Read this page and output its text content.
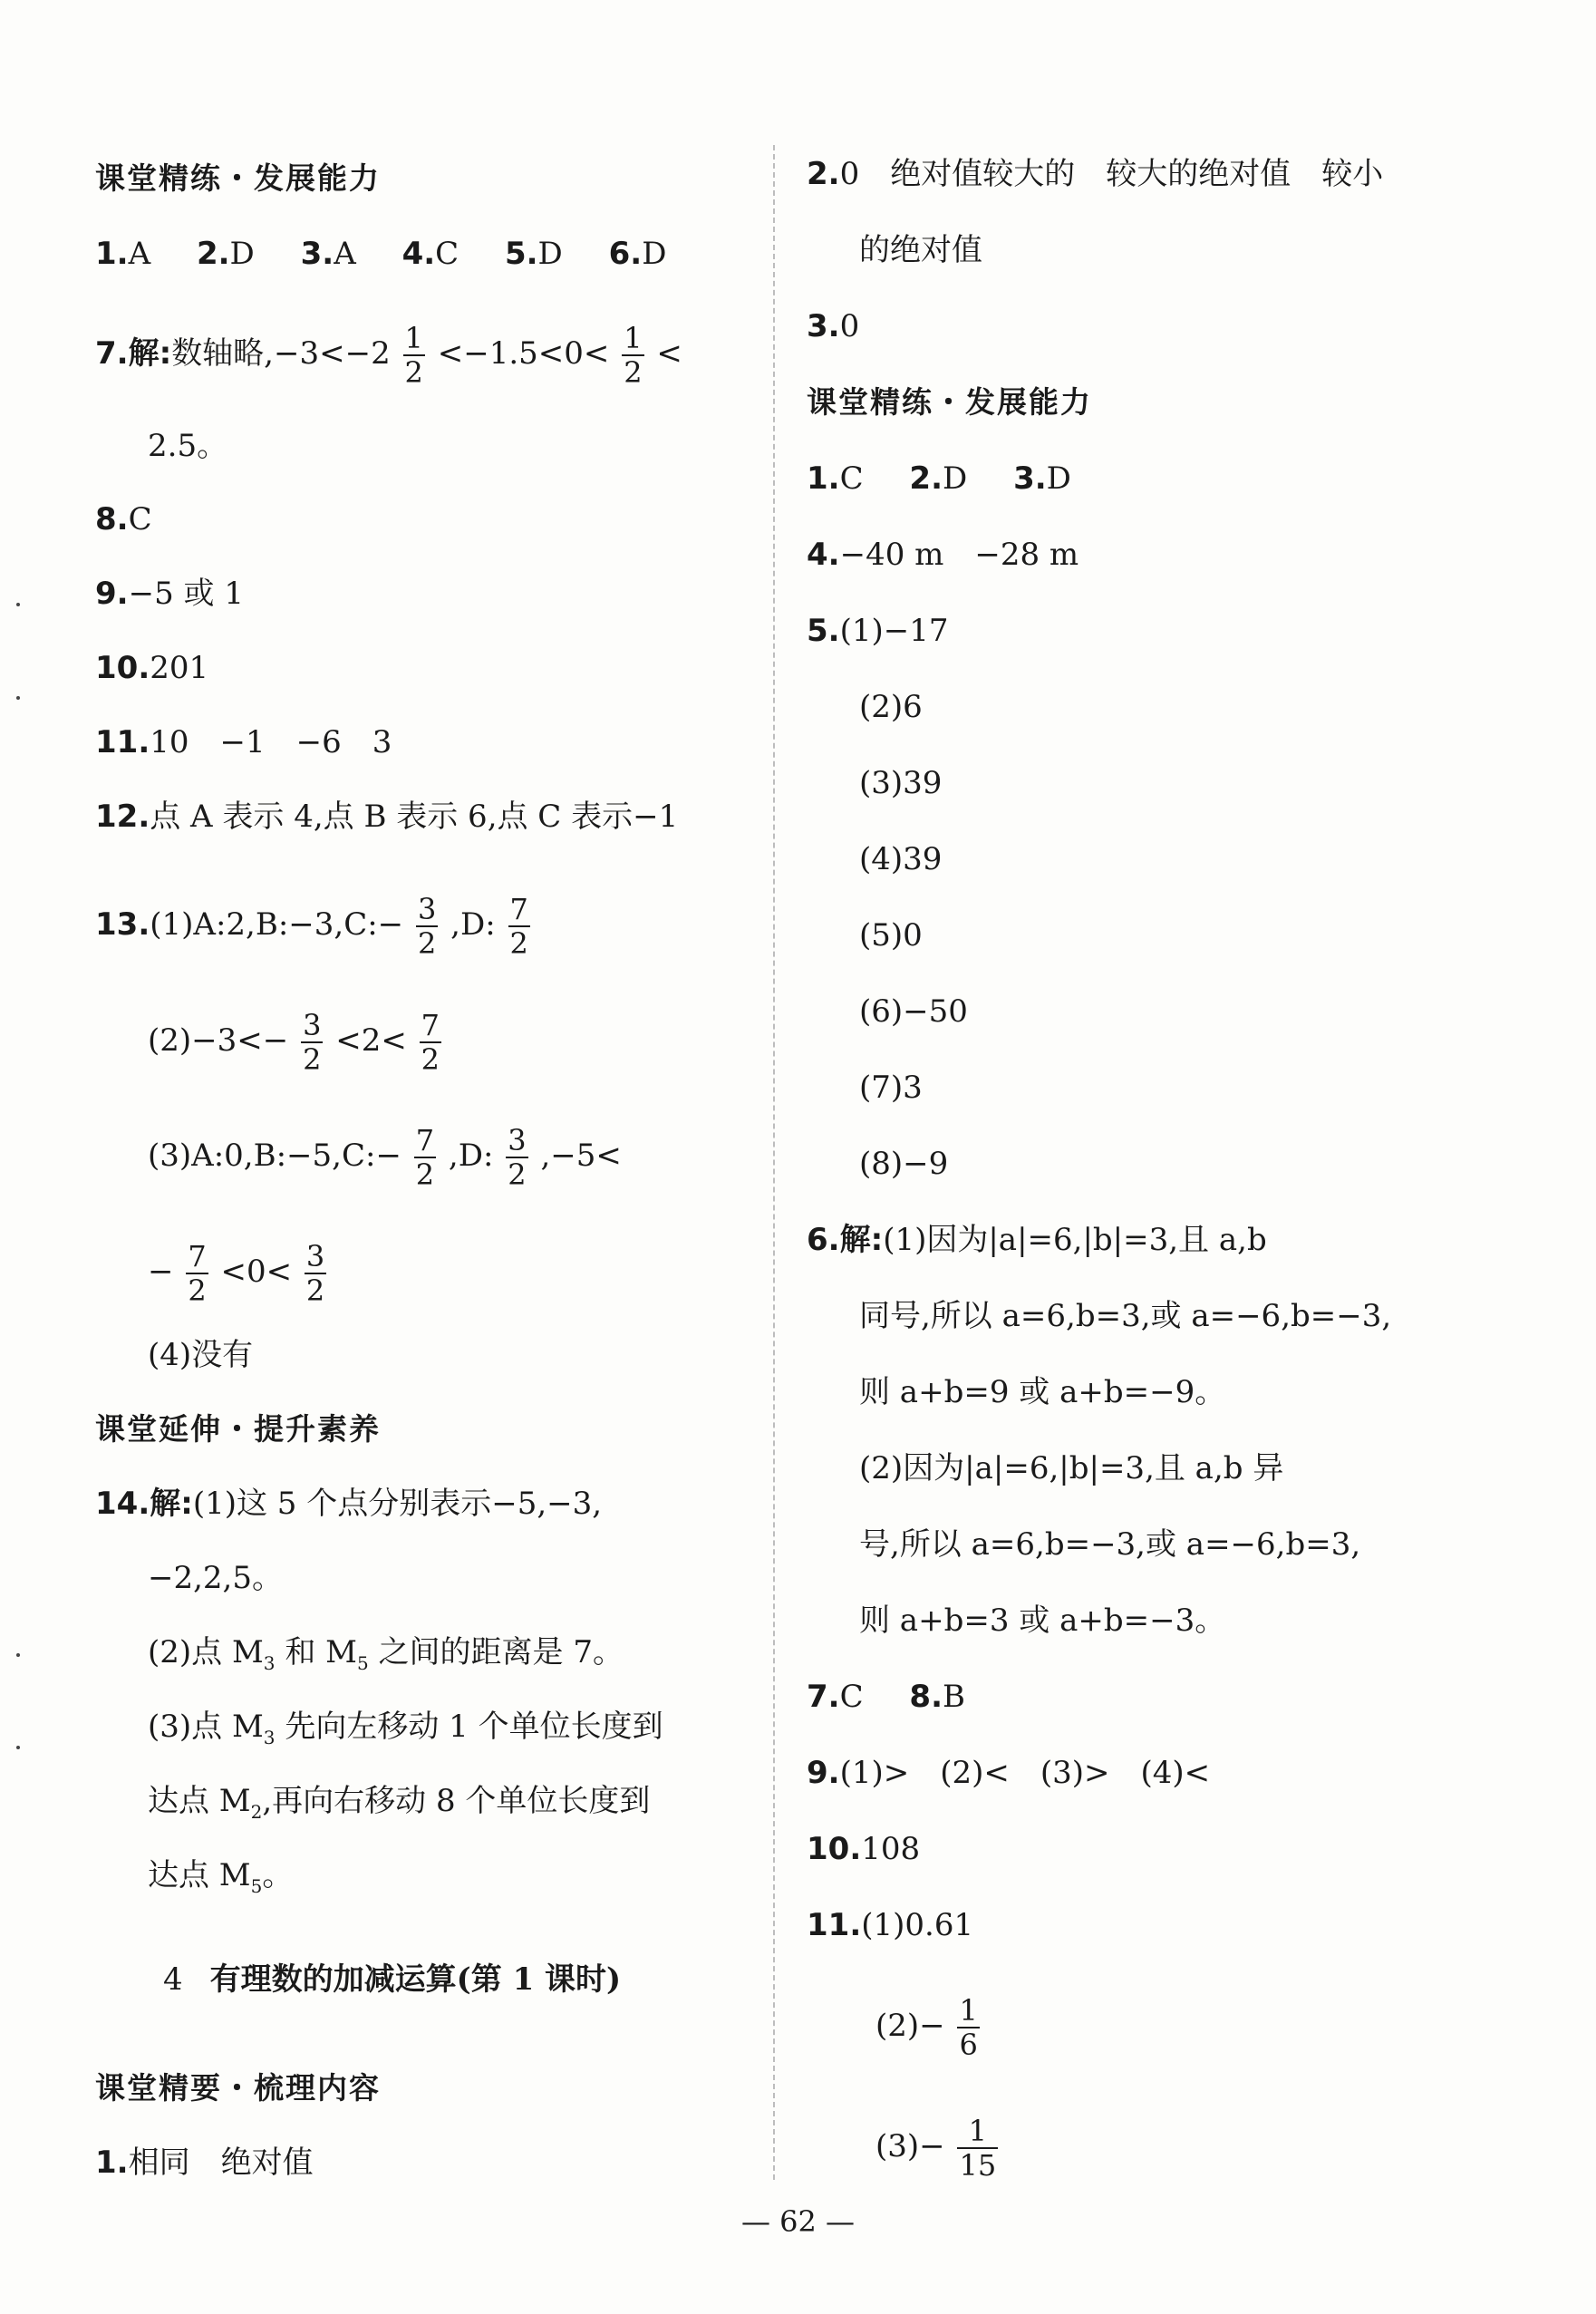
课堂精练・发展能力
1.A 2.D 3.A 4.C 5.D 6.D
7.解:数轴略$,-3<-2 \frac{1}{2} <-1.5<0< \frac{1}{2}$ <
2.5。
8.C
9.−5 或 1
10.201
11.10　−1　−6　3
12.点 A 表示 4,点 B 表示 6,点 C 表示−1
13.(1)A:2,B:−3,C:− $\frac{3}{2} ,D$: $\frac{7}{2}$
$(2)-3<- \frac{3}{2} <2< \frac{7}{2}$
(3)A:0,B:−5,C:− $\frac{7}{2} ,D$: $\frac{3}{2} ,-5<$
− $\frac{7}{2} <0< \frac{3}{2}$
(4)没有
课堂延伸・提升素养
14.解:(1)这 5 个点分别表示−5,−3,
−2,2,5。
(2)点 $M_3$ 和 $M_5$ 之间的距离是 7。
(3)点 $M_3$ 先向左移动 1 个单位长度到
达点 $M_2$,再向右移动 8 个单位长度到
达点 $M_5$。
4 有理数的加减运算(第 1 课时)
课堂精要・梳理内容
1.相同　绝对值
2.0　绝对值较大的　较大的绝对值　较小
的绝对值
3.0
课堂精练・发展能力
1.C 2.D 3.D
4.−40 m　−28 m
5.(1)−17
(2)6
(3)39
(4)39
(5)0
(6)−50
(7)3
(8)−9
6.解:(1)因为|a|=6,|b|=3,且 a,b
同号,所以 a=6,b=3,或 a=−6,b=−3,
则 a+b=9 或 a+b=−9。
(2)因为|a|=6,|b|=3,且 a,b 异
号,所以 a=6,b=−3,或 a=−6,b=3,
则 a+b=3 或 a+b=−3。
7.C 8.B
9.(1)>　(2)<　(3)>　(4)<
10.108
11.(1)0.61
$(2)- \frac{1}{6}$
$(3)- \frac{1}{15}$
— 62 —
